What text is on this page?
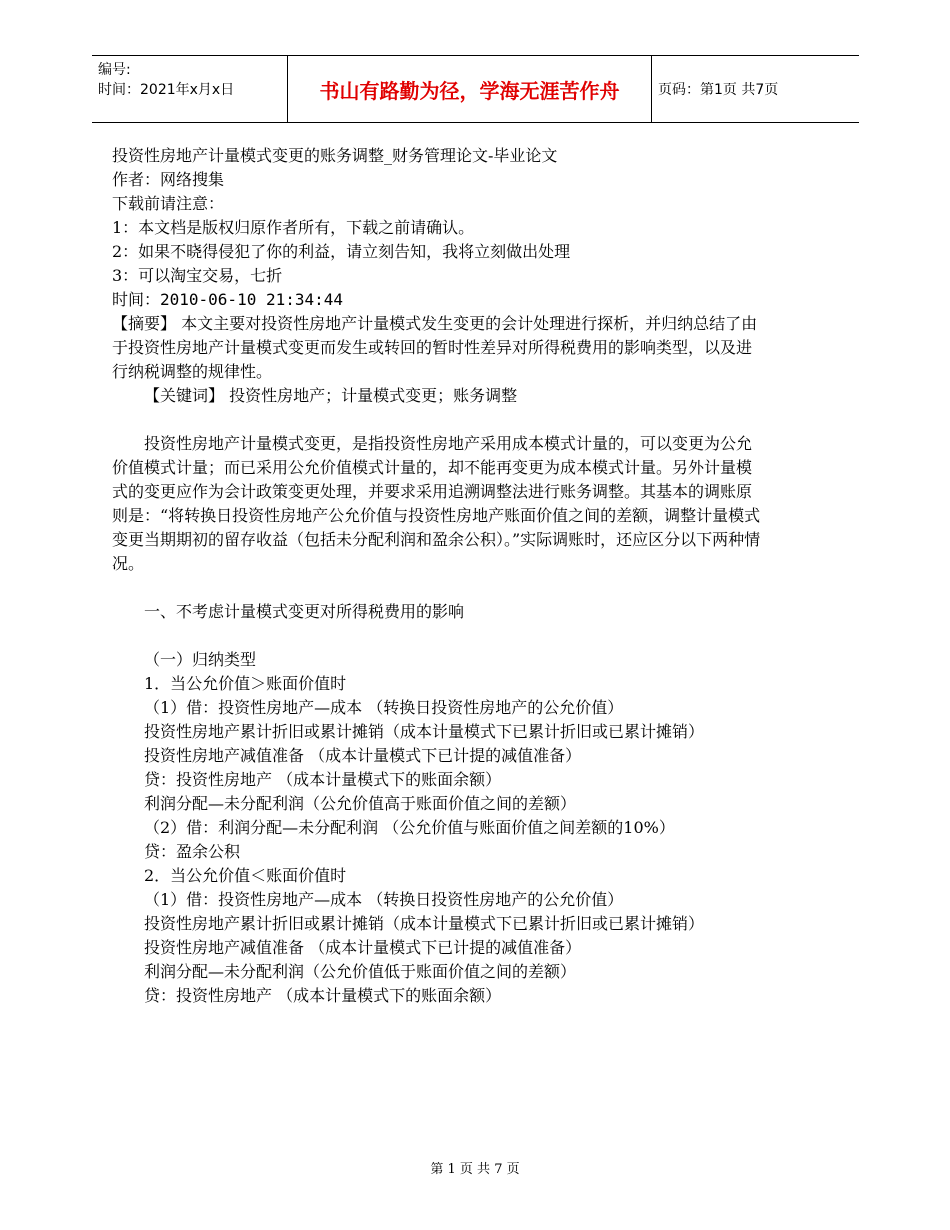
编号:
时间：2021年x月x日	书山有路勤为径，学海无涯苦作舟	页码：第1页 共7页

投资性房地产计量模式变更的账务调整_财务管理论文-毕业论文

作者：网络搜集

下载前请注意：

1：本文档是版权归原作者所有，下载之前请确认。

2：如果不晓得侵犯了你的利益，请立刻告知，我将立刻做出处理

3：可以淘宝交易，七折

时间：2010-06-10 21:34:44

【摘要】 本文主要对投资性房地产计量模式发生变更的会计处理进行探析，并归纳总结了由于投资性房地产计量模式变更而发生或转回的暂时性差异对所得税费用的影响类型，以及进行纳税调整的规律性。

【关键词】 投资性房地产；计量模式变更；账务调整

投资性房地产计量模式变更，是指投资性房地产采用成本模式计量的，可以变更为公允价值模式计量；而已采用公允价值模式计量的，却不能再变更为成本模式计量。另外计量模式的变更应作为会计政策变更处理，并要求采用追溯调整法进行账务调整。其基本的调账原则是：“将转换日投资性房地产公允价值与投资性房地产账面价值之间的差额，调整计量模式变更当期期初的留存收益（包括未分配利润和盈余公积）。”实际调账时，还应区分以下两种情况。

一、不考虑计量模式变更对所得税费用的影响

（一）归纳类型

1．当公允价值＞账面价值时

（1）借：投资性房地产—成本 （转换日投资性房地产的公允价值）

投资性房地产累计折旧或累计摊销（成本计量模式下已累计折旧或已累计摊销）

投资性房地产减值准备 （成本计量模式下已计提的减值准备）

贷：投资性房地产 （成本计量模式下的账面余额）

利润分配—未分配利润（公允价值高于账面价值之间的差额）

（2）借：利润分配—未分配利润 （公允价值与账面价值之间差额的10%）

贷：盈余公积

2．当公允价值＜账面价值时

（1）借：投资性房地产—成本 （转换日投资性房地产的公允价值）

投资性房地产累计折旧或累计摊销（成本计量模式下已累计折旧或已累计摊销）

投资性房地产减值准备 （成本计量模式下已计提的减值准备）

利润分配—未分配利润（公允价值低于账面价值之间的差额）

贷：投资性房地产 （成本计量模式下的账面余额）

第 1 页 共 7 页
